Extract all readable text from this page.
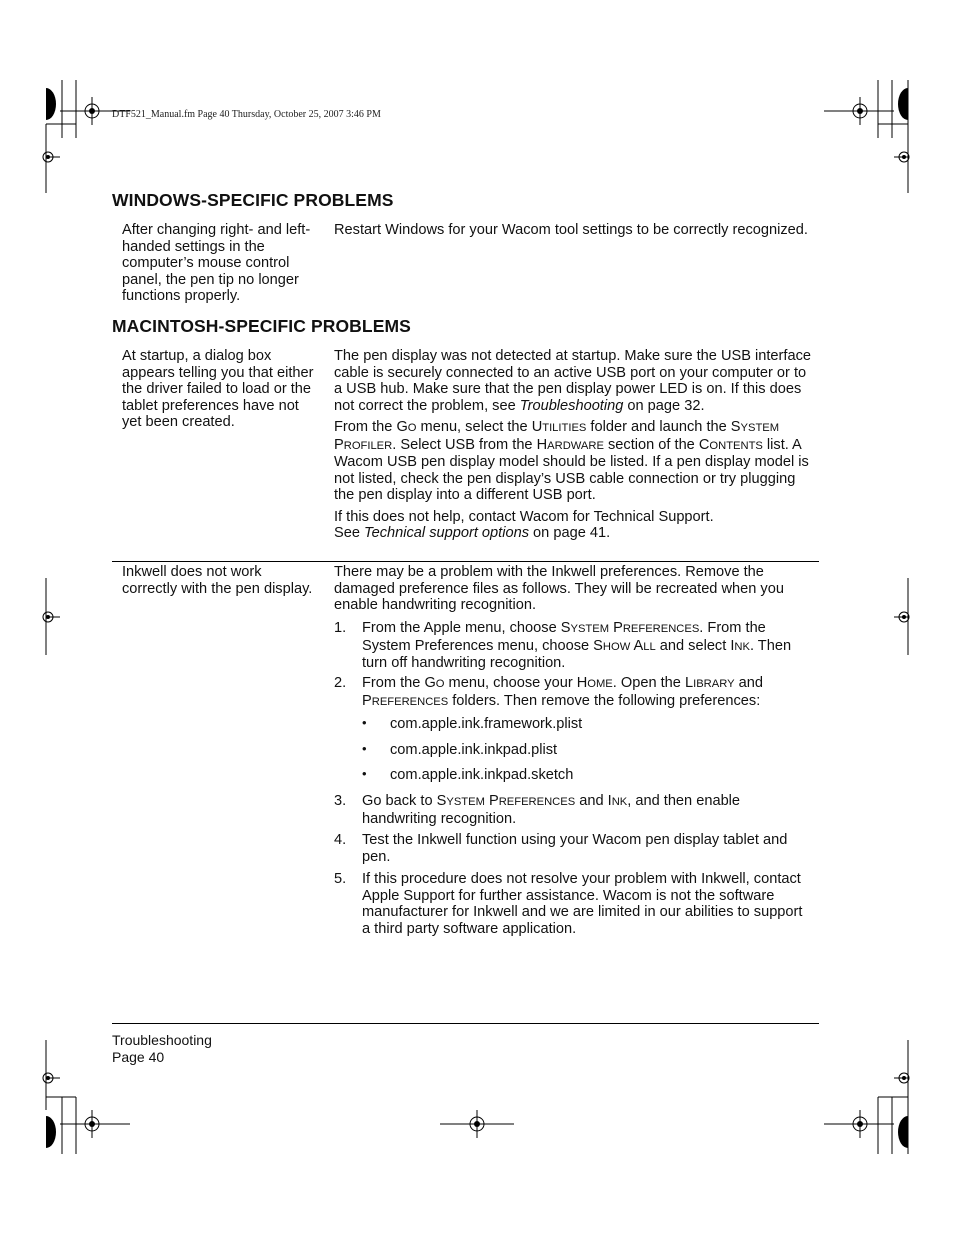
DTF521_Manual.fm Page 40 Thursday, October 25, 2007 3:46 PM
WINDOWS-SPECIFIC PROBLEMS

After changing right- and left-handed settings in the computer’s mouse control panel, the pen tip no longer functions properly.

Restart Windows for your Wacom tool settings to be correctly recognized.

MACINTOSH-SPECIFIC PROBLEMS

At startup, a dialog box appears telling you that either the driver failed to load or the tablet preferences have not yet been created.

The pen display was not detected at startup. Make sure the USB interface cable is securely connected to an active USB port on your computer or to a USB hub. Make sure that the pen display power LED is on. If this does not correct the problem, see Troubleshooting on page 32.

From the GO menu, select the UTILITIES folder and launch the SYSTEM PROFILER. Select USB from the HARDWARE section of the CONTENTS list. A Wacom USB pen display model should be listed. If a pen display model is not listed, check the pen display’s USB cable connection or try plugging the pen display into a different USB port.

If this does not help, contact Wacom for Technical Support.
See Technical support options on page 41.

Inkwell does not work correctly with the pen display.

There may be a problem with the Inkwell preferences. Remove the damaged preference files as follows. They will be recreated when you enable handwriting recognition.

1. From the Apple menu, choose SYSTEM PREFERENCES. From the System Preferences menu, choose SHOW ALL and select INK. Then turn off handwriting recognition.
2. From the GO menu, choose your HOME. Open the LIBRARY and PREFERENCES folders. Then remove the following preferences:
• com.apple.ink.framework.plist
• com.apple.ink.inkpad.plist
• com.apple.ink.inkpad.sketch
3. Go back to SYSTEM PREFERENCES and INK, and then enable handwriting recognition.
4. Test the Inkwell function using your Wacom pen display tablet and pen.
5. If this procedure does not resolve your problem with Inkwell, contact Apple Support for further assistance. Wacom is not the software manufacturer for Inkwell and we are limited in our abilities to support a third party software application.
Troubleshooting
Page 40
